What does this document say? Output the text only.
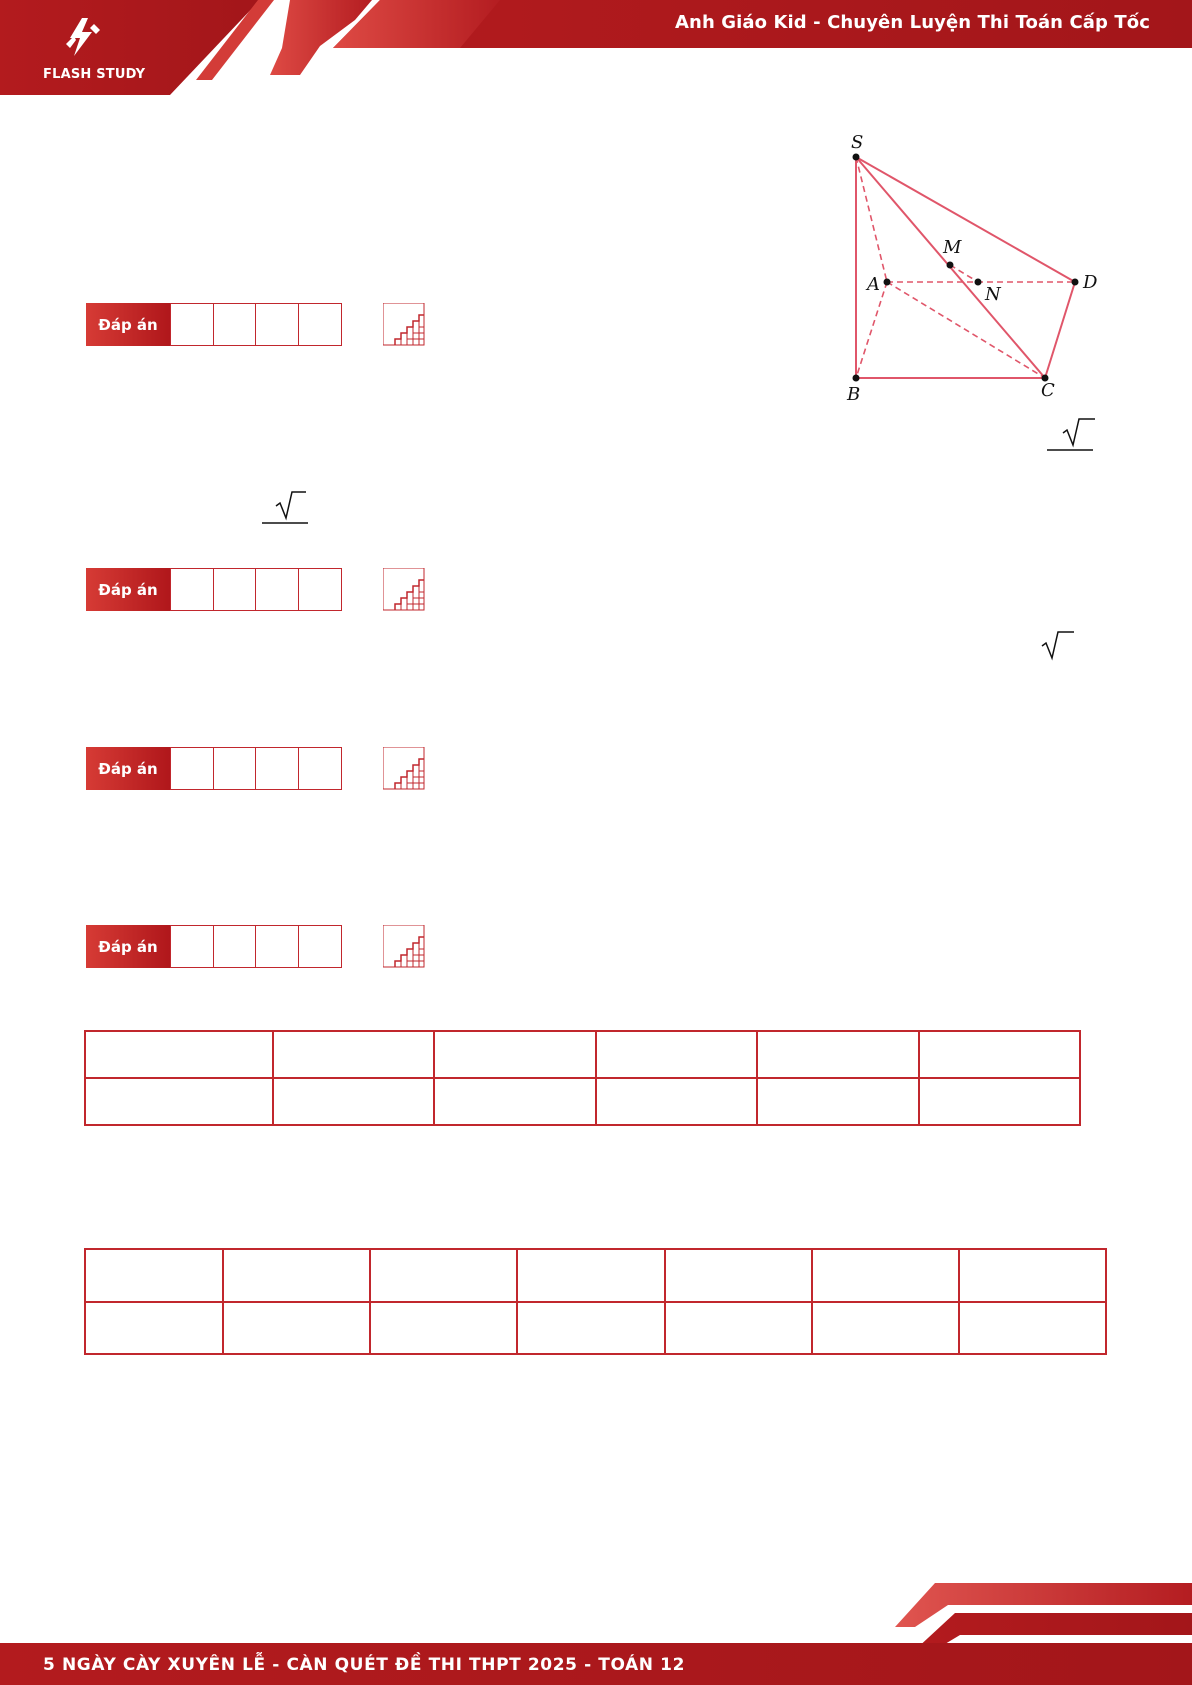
FLASH STUDY
Anh Giáo Kid - Chuyên Luyện Thi Toán Cấp Tốc
Đáp án
Đáp án
Đáp án
Đáp án
S
M
A	N
D
B	C

5 NGÀY CÀY XUYÊN LỄ - CÀN QUÉT ĐỀ THI THPT 2025 - TOÁN 12
